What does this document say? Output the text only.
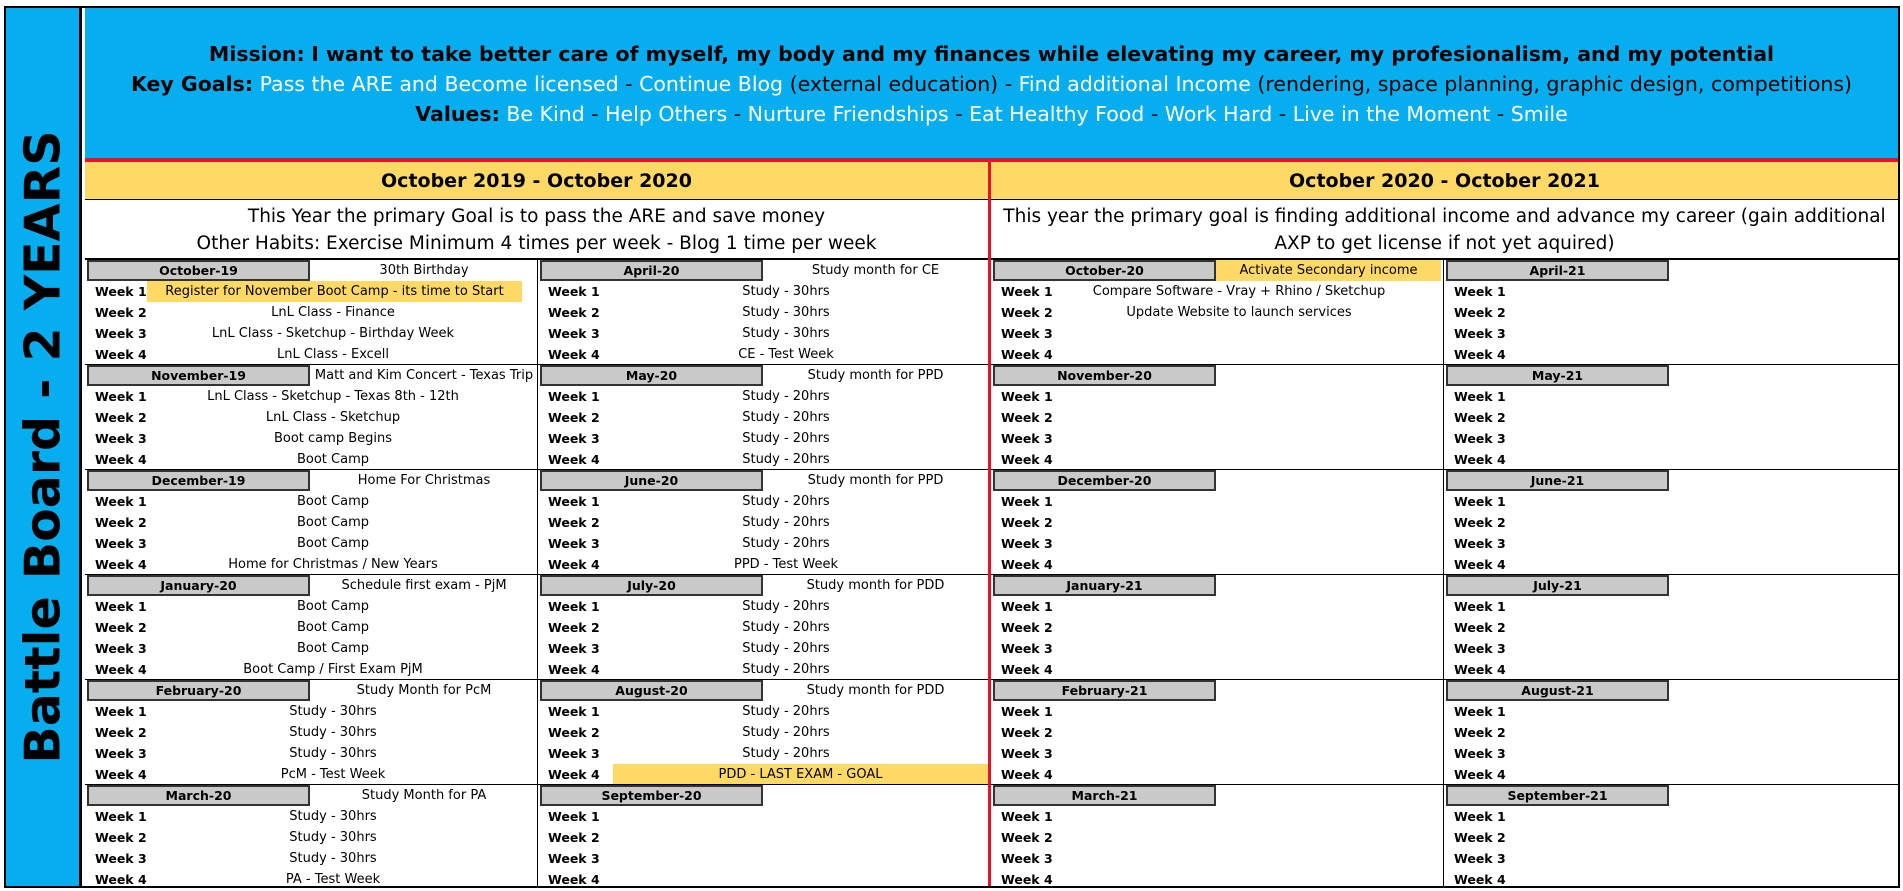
Battle Board - 2 YEARS
Mission: I want to take better care of myself, my body and my finances while elevating my career, my profesionalism, and my potential
Key Goals: Pass the ARE and Become licensed - Continue Blog (external education) - Find additional Income (rendering, space planning, graphic design, competitions)
Values: Be Kind - Help Others - Nurture Friendships - Eat Healthy Food - Work Hard - Live in the Moment - Smile
October 2019 - October 2020	October 2020 - October 2021
This Year the primary Goal is to pass the ARE and save money
Other Habits: Exercise Minimum 4 times per week - Blog 1 time per week
This year the primary goal is finding additional income and advance my career (gain additional
AXP to get license if not yet aquired)
October-19	30th Birthday
Week 1	Register for November Boot Camp - its time to Start
Week 2	LnL Class - Finance
Week 3	LnL Class - Sketchup - Birthday Week
Week 4	LnL Class - Excell
November-19	Matt and Kim Concert - Texas Trip
Week 1	LnL Class - Sketchup - Texas 8th - 12th
Week 2	LnL Class - Sketchup
Week 3	Boot camp Begins
Week 4	Boot Camp
December-19	Home For Christmas
Week 1	Boot Camp
Week 2	Boot Camp
Week 3	Boot Camp
Week 4	Home for Christmas / New Years
January-20	Schedule first exam - PjM
Week 1	Boot Camp
Week 2	Boot Camp
Week 3	Boot Camp
Week 4	Boot Camp / First Exam PjM
February-20	Study Month for PcM
Week 1	Study - 30hrs
Week 2	Study - 30hrs
Week 3	Study - 30hrs
Week 4	PcM - Test Week
March-20	Study Month for PA
Week 1	Study - 30hrs
Week 2	Study - 30hrs
Week 3	Study - 30hrs
Week 4	PA - Test Week
April-20	Study month for CE
Week 1	Study - 30hrs
Week 2	Study - 30hrs
Week 3	Study - 30hrs
Week 4	CE - Test Week
May-20	Study month for PPD
Week 1	Study - 20hrs
Week 2	Study - 20hrs
Week 3	Study - 20hrs
Week 4	Study - 20hrs
June-20	Study month for PPD
Week 1	Study - 20hrs
Week 2	Study - 20hrs
Week 3	Study - 20hrs
Week 4	PPD - Test Week
July-20	Study month for PDD
Week 1	Study - 20hrs
Week 2	Study - 20hrs
Week 3	Study - 20hrs
Week 4	Study - 20hrs
August-20	Study month for PDD
Week 1	Study - 20hrs
Week 2	Study - 20hrs
Week 3	Study - 20hrs
Week 4	PDD - LAST EXAM - GOAL
September-20
Week 1
Week 2
Week 3
Week 4
October-20	Activate Secondary income
Week 1	Compare Software - Vray + Rhino / Sketchup
Week 2	Update Website to launch services
Week 3
Week 4
November-20
Week 1
Week 2
Week 3
Week 4
December-20
Week 1
Week 2
Week 3
Week 4
January-21
Week 1
Week 2
Week 3
Week 4
February-21
Week 1
Week 2
Week 3
Week 4
March-21
Week 1
Week 2
Week 3
Week 4
April-21
Week 1
Week 2
Week 3
Week 4
May-21
Week 1
Week 2
Week 3
Week 4
June-21
Week 1
Week 2
Week 3
Week 4
July-21
Week 1
Week 2
Week 3
Week 4
August-21
Week 1
Week 2
Week 3
Week 4
September-21
Week 1
Week 2
Week 3
Week 4
